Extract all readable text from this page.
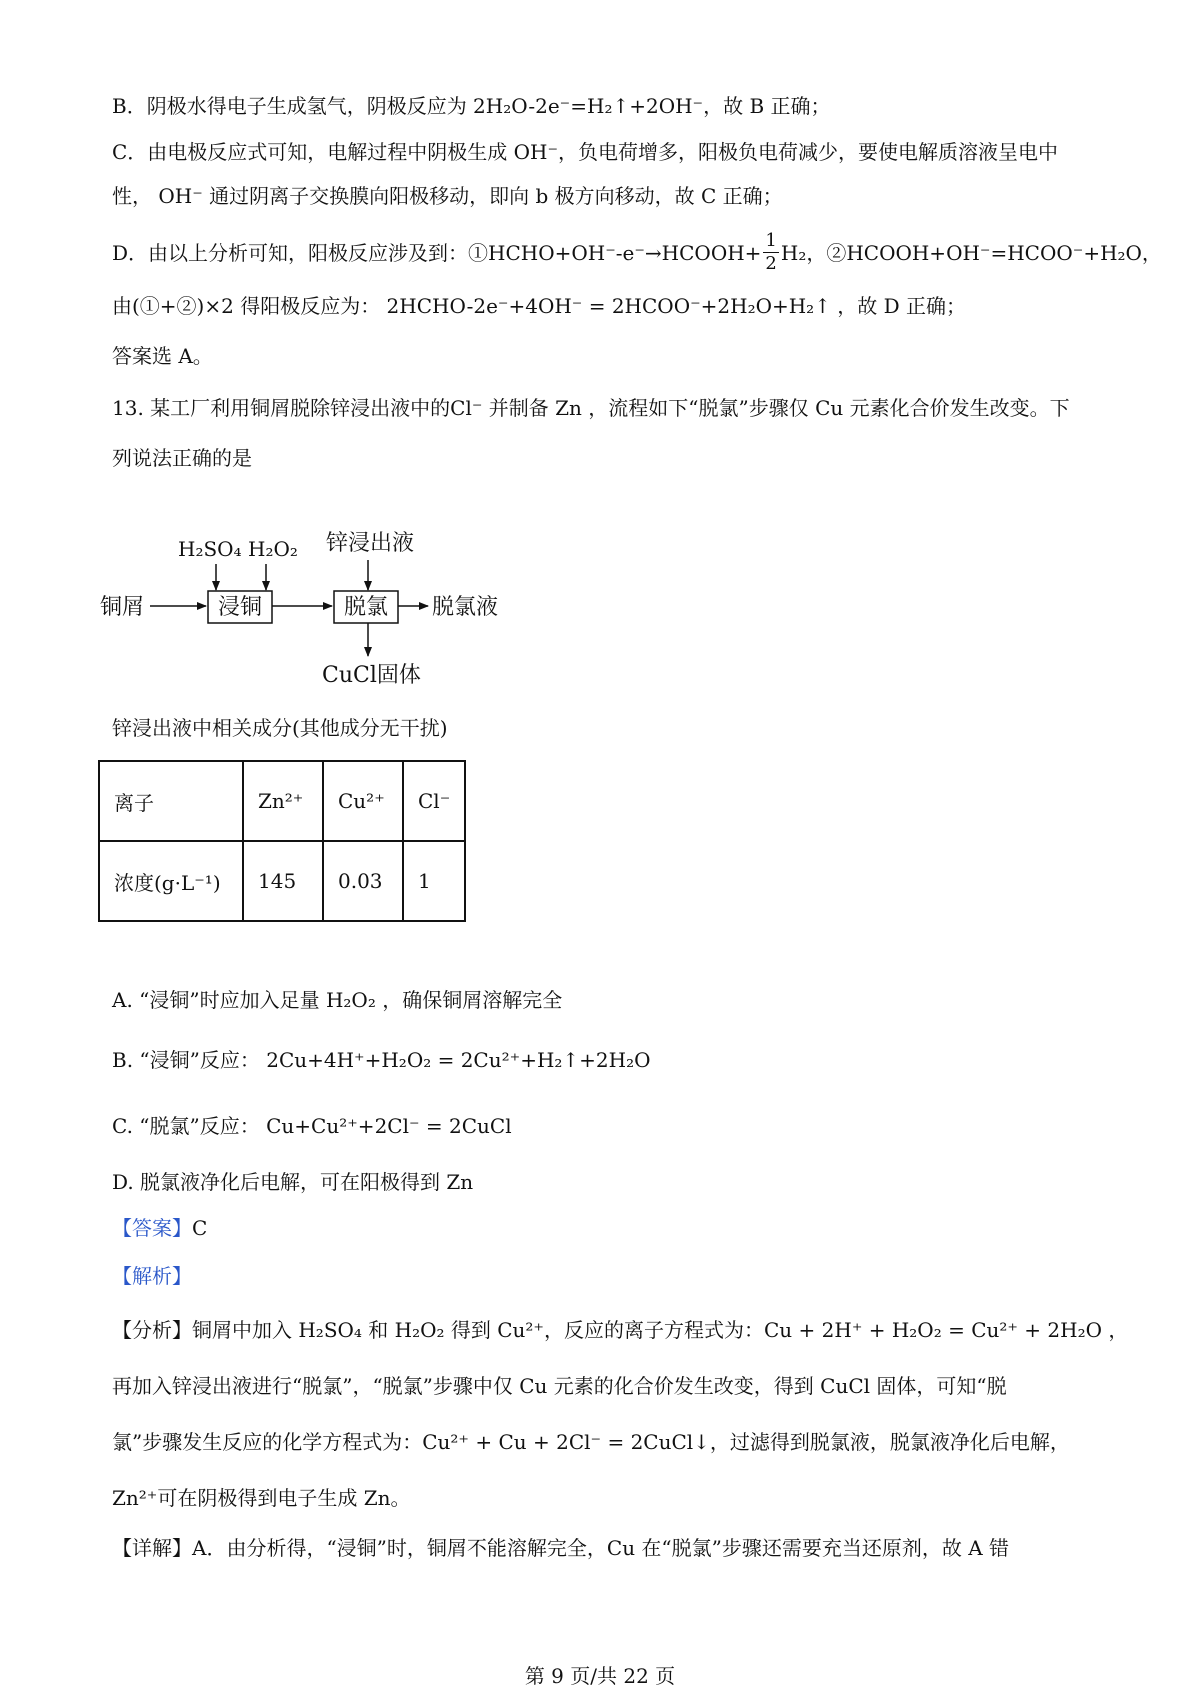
B．阴极水得电子生成氢气，阴极反应为 2H₂O-2e⁻=H₂↑+2OH⁻，故 B 正确；
C．由电极反应式可知，电解过程中阴极生成 OH⁻，负电荷增多，阳极负电荷减少，要使电解质溶液呈电中
性， OH⁻ 通过阴离子交换膜向阳极移动，即向 b 极方向移动，故 C 正确；
D．由以上分析可知，阳极反应涉及到：①HCHO+OH⁻-e⁻→HCOOH+ $\frac{1}{2} H_2$，②HCOOH+OH⁻=HCOO⁻+H₂O，
由(①+②)×2 得阳极反应为： 2HCHO-2e⁻+4OH⁻ = 2HCOO⁻+2H₂O+H₂↑ ，故 D 正确；
答案选 A。
13. 某工厂利用铜屑脱除锌浸出液中的Cl⁻ 并制备 Zn ，流程如下“脱氯”步骤仅 Cu 元素化合价发生改变。下
列说法正确的是
H₂SO₄ H₂O₂ 锌浸出液
铜屑	浸铜	脱氯 脱氯液
CuCl固体
锌浸出液中相关成分(其他成分无干扰)
离子	Zn²⁺	Cu²⁺	Cl⁻
浓度(g·L⁻¹)	145	0.03	1
A. “浸铜”时应加入足量 H₂O₂ ，确保铜屑溶解完全
B. “浸铜”反应： 2Cu+4H⁺+H₂O₂ = 2Cu²⁺+H₂↑+2H₂O
C. “脱氯”反应： Cu+Cu²⁺+2Cl⁻ = 2CuCl
D. 脱氯液净化后电解，可在阳极得到 Zn
【答案】C
【解析】
【分析】铜屑中加入 H₂SO₄ 和 H₂O₂ 得到 Cu²⁺，反应的离子方程式为：Cu + 2H⁺ + H₂O₂ = Cu²⁺ + 2H₂O ，
再加入锌浸出液进行“脱氯”，“脱氯”步骤中仅 Cu 元素的化合价发生改变，得到 CuCl 固体，可知“脱
氯”步骤发生反应的化学方程式为：Cu²⁺ + Cu + 2Cl⁻ = 2CuCl↓，过滤得到脱氯液，脱氯液净化后电解，
Zn²⁺可在阴极得到电子生成 Zn。
【详解】A．由分析得，“浸铜”时，铜屑不能溶解完全，Cu 在“脱氯”步骤还需要充当还原剂，故 A 错
第 9 页/共 22 页
